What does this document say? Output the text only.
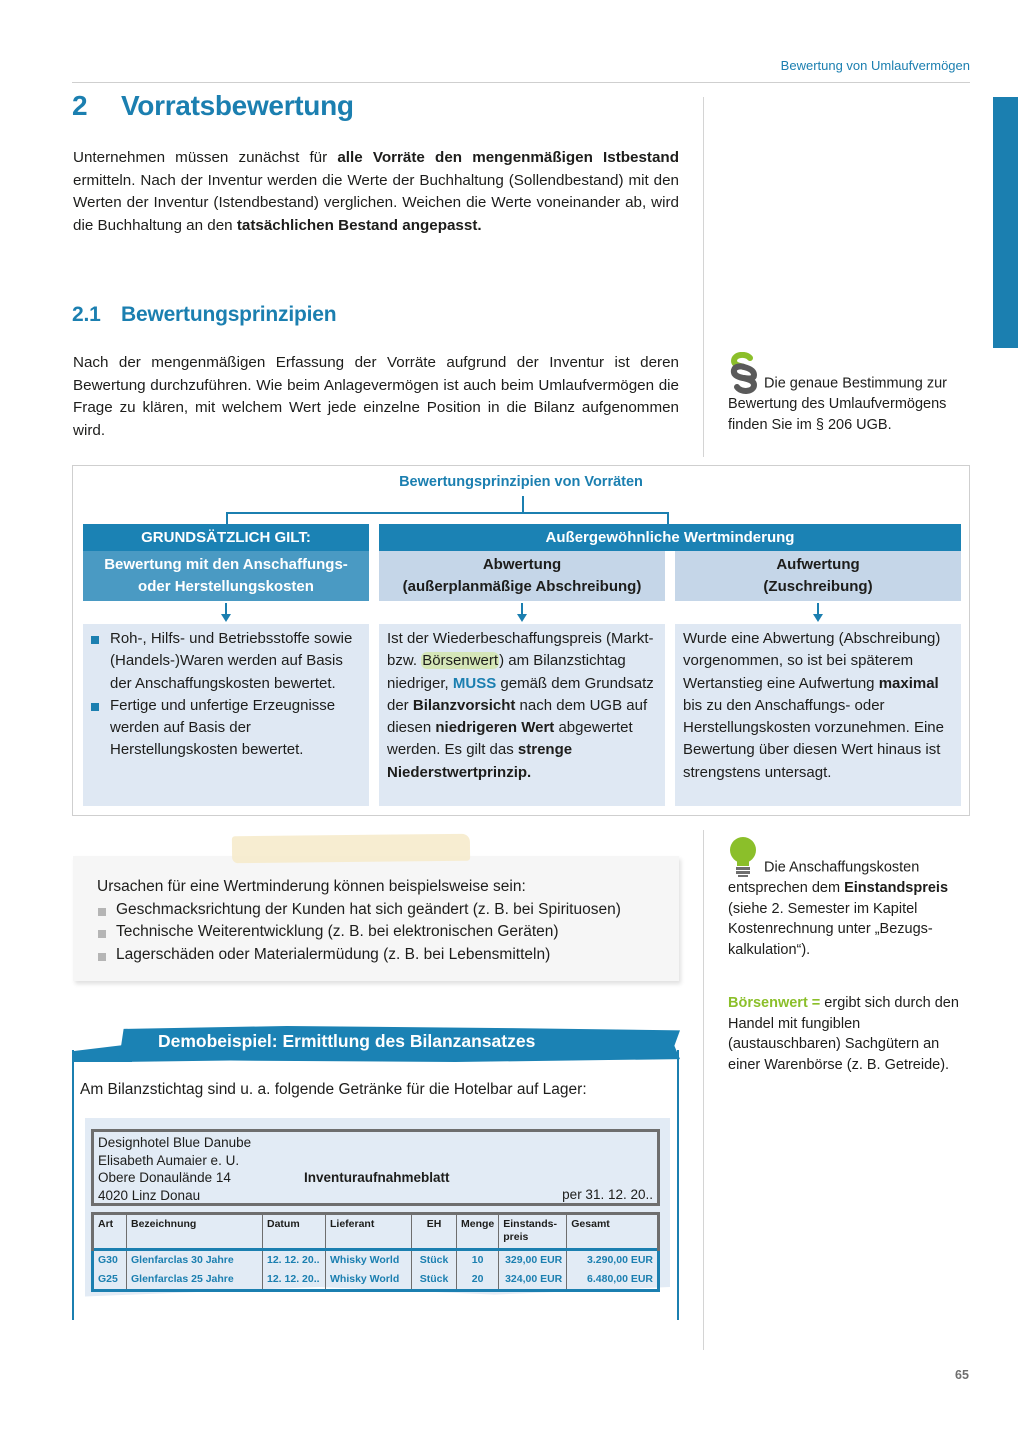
Bewertung von Umlaufvermögen
2 Vorratsbewertung

Unternehmen müssen zunächst für alle Vorräte den mengenmäßigen Istbestand ermitteln. Nach der Inventur werden die Werte der Buchhaltung (Sollendbestand) mit den Werten der Inventur (Istendbestand) verglichen. Weichen die Werte voneinander ab, wird die Buchhaltung an den tatsächlichen Bestand angepasst.

2.1 Bewertungsprinzipien

Nach der mengenmäßigen Erfassung der Vorräte aufgrund der Inventur ist deren Bewertung durchzuführen. Wie beim Anlagevermögen ist auch beim Umlaufvermögen die Frage zu klären, mit welchem Wert jede einzelne Position in die Bilanz aufgenommen wird.

Die genaue Bestimmung zur Bewertung des Umlaufvermögens finden Sie im § 206 UGB.
Bewertungsprinzipien von Vorräten
GRUNDSÄTZLICH GILT:	Außergewöhnliche Wertminderung
Bewertung mit den Anschaffungs-
oder Herstellungskosten
Abwertung
(außerplanmäßige Abschreibung)
Aufwertung
(Zuschreibung)
Roh-, Hilfs- und Betriebsstoffe sowie (Handels-)Waren werden auf Basis der Anschaffungskosten bewertet.
Fertige und unfertige Erzeugnisse werden auf Basis der Herstellungskosten bewertet.
Ist der Wiederbeschaffungspreis (Markt- bzw. Börsenwert) am Bilanzstichtag niedriger, MUSS gemäß dem Grundsatz der Bilanzvorsicht nach dem UGB auf diesen niedrigeren Wert abgewertet werden. Es gilt das strenge Niederstwertprinzip.
Wurde eine Abwertung (Abschreibung) vorgenommen, so ist bei späterem Wertanstieg eine Aufwertung maximal bis zu den Anschaffungs- oder Herstellungskosten vorzunehmen. Eine Bewertung über diesen Wert hinaus ist strengstens untersagt.
Ursachen für eine Wertminderung können beispielsweise sein:
Geschmacksrichtung der Kunden hat sich geändert (z. B. bei Spirituosen)
Technische Weiterentwicklung (z. B. bei elektronischen Geräten)
Lagerschäden oder Materialermüdung (z. B. bei Lebensmitteln)
Die Anschaffungskosten entsprechen dem Einstandspreis (siehe 2. Semester im Kapitel Kostenrechnung unter „Bezugs-kalkulation“).
Börsenwert = ergibt sich durch den Handel mit fungiblen (austauschbaren) Sachgütern an einer Warenbörse (z. B. Getreide).
Demobeispiel: Ermittlung des Bilanzansatzes
Am Bilanzstichtag sind u. a. folgende Getränke für die Hotelbar auf Lager:
Designhotel Blue Danube
Elisabeth Aumaier e. U.
Obere Donaulände 14
4020 Linz Donau
Inventuraufnahmeblatt
per 31. 12. 20..
Art	Bezeichnung	Datum	Lieferant	EH	Menge	Einstands-preis	Gesamt
G30	Glenfarclas 30 Jahre	12. 12. 20..	Whisky World	Stück	10	329,00 EUR	3.290,00 EUR
G25	Glenfarclas 25 Jahre	12. 12. 20..	Whisky World	Stück	20	324,00 EUR	6.480,00 EUR
65
